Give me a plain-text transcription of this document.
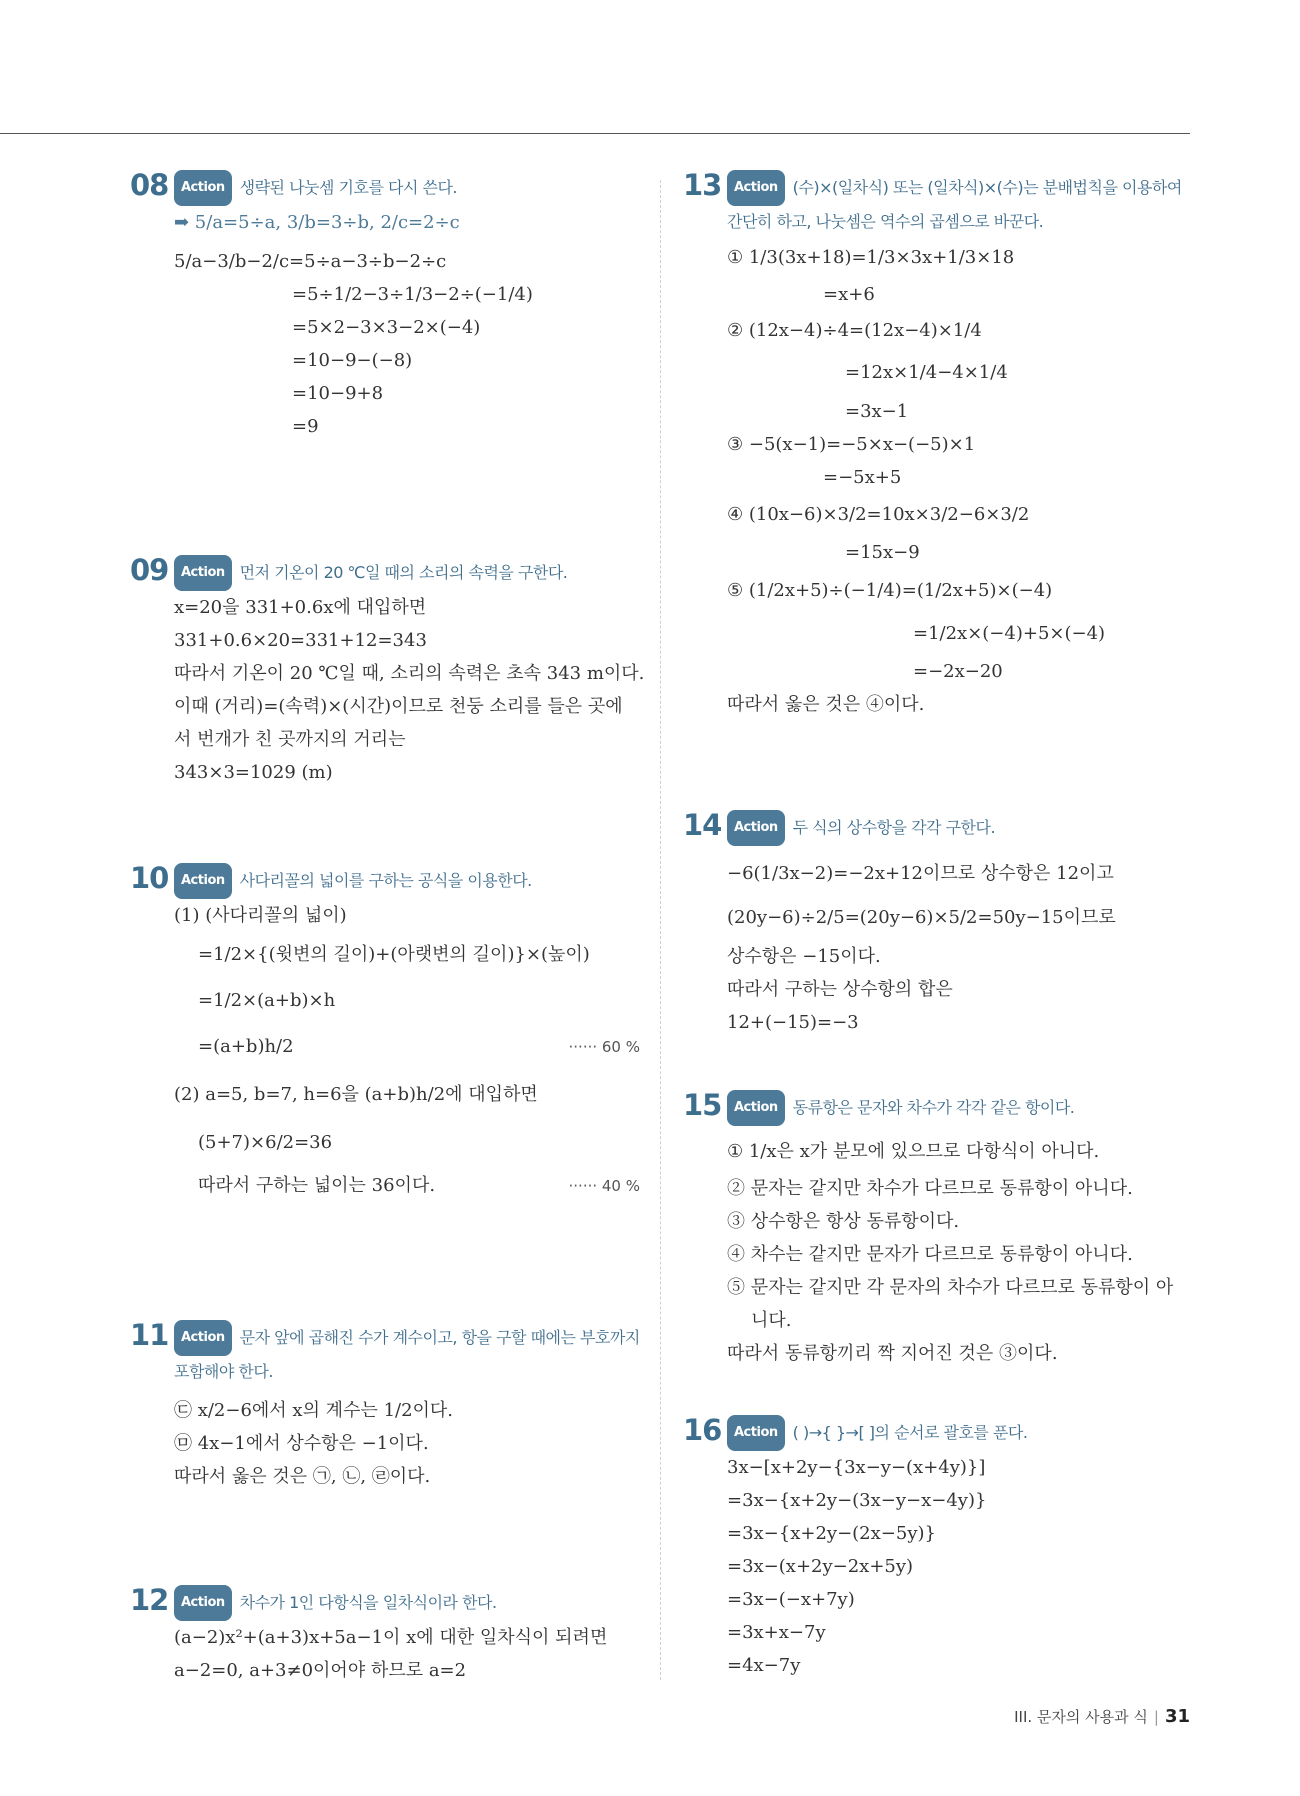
08 Action 생략된 나눗셈 기호를 다시 쓴다.
➡ 5/a=5÷a, 3/b=3÷b, 2/c=2÷c
5/a−3/b−2/c=5÷a−3÷b−2÷c
=5÷1/2−3÷1/3−2÷(−1/4)
=5×2−3×3−2×(−4)
=10−9−(−8)
=10−9+8
=9
09 Action 먼저 기온이 20 ℃일 때의 소리의 속력을 구한다.
x=20을 331+0.6x에 대입하면
331+0.6×20=331+12=343
따라서 기온이 20 ℃일 때, 소리의 속력은 초속 343 m이다.
이때 (거리)=(속력)×(시간)이므로 천둥 소리를 들은 곳에
서 번개가 친 곳까지의 거리는
343×3=1029 (m)
10 Action 사다리꼴의 넓이를 구하는 공식을 이용한다.
(1) (사다리꼴의 넓이)
=1/2×{(윗변의 길이)+(아랫변의 길이)}×(높이)
=1/2×(a+b)×h
=(a+b)h/2	······ 60 %
(2) a=5, b=7, h=6을 (a+b)h/2에 대입하면
(5+7)×6/2=36
따라서 구하는 넓이는 36이다.	······ 40 %
11 Action 문자 앞에 곱해진 수가 계수이고, 항을 구할 때에는 부호까지
포함해야 한다.
㉢ x/2−6에서 x의 계수는 1/2이다.
㉤ 4x−1에서 상수항은 −1이다.
따라서 옳은 것은 ㉠, ㉡, ㉣이다.
12 Action 차수가 1인 다항식을 일차식이라 한다.
(a−2)x²+(a+3)x+5a−1이 x에 대한 일차식이 되려면
a−2=0, a+3≠0이어야 하므로 a=2
13 Action (수)×(일차식) 또는 (일차식)×(수)는 분배법칙을 이용하여
간단히 하고, 나눗셈은 역수의 곱셈으로 바꾼다.
① 1/3(3x+18)=1/3×3x+1/3×18
=x+6
② (12x−4)÷4=(12x−4)×1/4
=12x×1/4−4×1/4
=3x−1
③ −5(x−1)=−5×x−(−5)×1
=−5x+5
④ (10x−6)×3/2=10x×3/2−6×3/2
=15x−9
⑤ (1/2x+5)÷(−1/4)=(1/2x+5)×(−4)
=1/2x×(−4)+5×(−4)
=−2x−20
따라서 옳은 것은 ④이다.
14 Action 두 식의 상수항을 각각 구한다.
−6(1/3x−2)=−2x+12이므로 상수항은 12이고
(20y−6)÷2/5=(20y−6)×5/2=50y−15이므로
상수항은 −15이다.
따라서 구하는 상수항의 합은
12+(−15)=−3
15 Action 동류항은 문자와 차수가 각각 같은 항이다.
① 1/x은 x가 분모에 있으므로 다항식이 아니다.
② 문자는 같지만 차수가 다르므로 동류항이 아니다.
③ 상수항은 항상 동류항이다.
④ 차수는 같지만 문자가 다르므로 동류항이 아니다.
⑤ 문자는 같지만 각 문자의 차수가 다르므로 동류항이 아
니다.
따라서 동류항끼리 짝 지어진 것은 ③이다.
16 Action ( )→{ }→[ ]의 순서로 괄호를 푼다.
3x−[x+2y−{3x−y−(x+4y)}]
=3x−{x+2y−(3x−y−x−4y)}
=3x−{x+2y−(2x−5y)}
=3x−(x+2y−2x+5y)
=3x−(−x+7y)
=3x+x−7y
=4x−7y
III. 문자의 사용과 식 | 31
